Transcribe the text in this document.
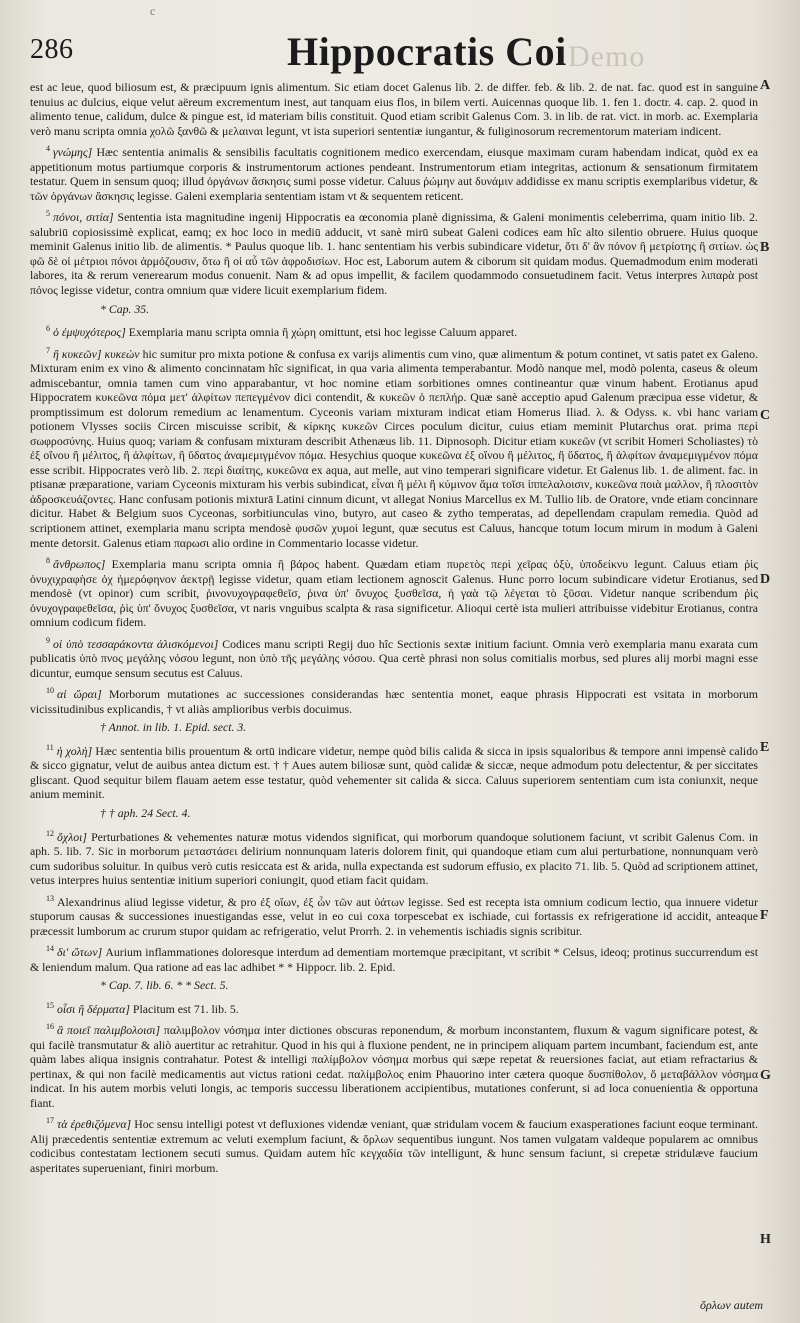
c
286	Hippocratis Coi Demo

est ac leue, quod biliosum est, & præcipuum ignis alimentum. Sic etiam docet Galenus lib. 2. de differ. feb. & lib. 2. de nat. fac. quod est in sanguine tenuius ac dulcius, eique velut aëreum excrementum inest, aut tanquam eius flos, in bilem verti. Auicennas quoque lib. 1. fen 1. doctr. 4. cap. 2. quod in alimento tenue, calidum, dulce & pingue est, id materiam bilis constituit. Quod etiam scribit Galenus Com. 3. in lib. de rat. vict. in morb. ac. Exemplaria verò manu scripta omnia χολῶ ξανθῶ & μελαιναι legunt, vt ista superiori sententiæ iungantur, & fuliginosorum recrementorum materiam indicent.

$^4$ γνώμης] Hæc sententia animalis & sensibilis facultatis cognitionem medico exercendam, eiusque maximam curam habendam indicat, quòd ex ea appetitionum motus partiumque corporis & instrumentorum actiones pendeant. Instrumentorum etiam integritas, actionum & sensationum firmitatem testatur. Quem in sensum quoq; illud ὀργάνων ἄσκησις sumi posse videtur. Caluus ῥώμην aut δυνάμιν addidisse ex manu scriptis exemplaribus videtur, & τῶν ὀργάνων ἄσκησις legisse. Galeni exemplaria sententiam istam vt & sequentem reticent.

$^5$ πόνοι, σιτία] Sententia ista magnitudine ingenij Hippocratis ea œconomia planè dignissima, & Galeni monimentis celeberrima, quam initio lib. 2. salubriū copiosissimè explicat, eamq; ex hoc loco in mediū adducit, vt sanè mirū subeat Galeni codices eam hîc alto silentio obruere. Huius quoque meminit Galenus initio lib. de alimentis. * Paulus quoque lib. 1. hanc sententiam his verbis subindicare videtur, ὅτι δ' ἂν πόνον ἢ μετρίοτης ἢ σιτίων. ὡς φῶ δὲ οἱ μέτριοι πόνοι ἁρμόζουσιν, ὅτω ἢ οἱ αὖ τῶν ἀφροδισίων. Hoc est, Laborum autem & ciborum sit quidam modus. Quemadmodum enim moderati labores, ita & rerum venerearum modus conuenit. Nam & ad opus impellit, & facilem quodammodo consuetudinem facit. Vetus interpres λιπαρὰ post πόνος legisse videtur, contra omnium quæ videre licuit exemplarium fidem.

* Cap. 35.

$^6$ ὁ ἐμψυχότερος] Exemplaria manu scripta omnia ἢ χώρη omittunt, etsi hoc legisse Caluum apparet.

$^7$ ἢ κυκεῶν] κυκεὼν hic sumitur pro mixta potione & confusa ex varijs alimentis cum vino, quæ alimentum & potum continet, vt satis patet ex Galeno. Mixturam enim ex vino & alimento concinnatam hîc significat, in qua varia alimenta temperabantur. Modò nanque mel, modò polenta, caseus & oleum admiscebantur, omnia tamen cum vino apparabantur, vt hoc nomine etiam sorbitiones omnes contineantur quæ vinum habent. Erotianus apud Hippocratem κυκεῶνα πόμα μετ' ἀλφίτων πεπεγμένον dici contendit, & κυκεῶν ὁ πεπλήρ. Quæ sanè acceptio apud Galenum præcipua esse videtur, & promptissimum est dolorum remedium ac lenamentum. Cyceonis variam mixturam indicat etiam Homerus Iliad. λ. & Odyss. κ. vbi hanc variam potionem Vlysses sociis Circen miscuisse scribit, & κίρκης κυκεῶν Circes poculum dicitur, cuius etiam meminit Plutarchus orat. prima περὶ σωφροσύνης. Huius quoq; variam & confusam mixturam describit Athenæus lib. 11. Dipnosoph. Dicitur etiam κυκεῶν (vt scribit Homeri Scholiastes) τὸ ἐξ οἴνου ἢ μέλιτος, ἢ ἀλφίτων, ἢ ὕδατος ἀναμεμιγμένον πόμα. Hesychius quoque κυκεῶνα ἐξ οἴνου ἢ μέλιτος, ἢ ὕδατος, ἢ ἀλφίτων ἀναμεμιγμένον πόμα esse scribit. Hippocrates verò lib. 2. περὶ διαίτης, κυκεῶνα ex aqua, aut melle, aut vino temperari significare videtur. Et Galenus lib. 1. de aliment. fac. in ptisanæ præparatione, variam Cyceonis mixturam his verbis subindicat, εἶναι ἢ μέλι ἢ κύμινον ἅμα τοῖσι ἱππελαλοισιν, κυκεῶνα ποιὰ μαλλον, ἢ πλοσιτὸν ἀδροσκευάζοντες. Hanc confusam potionis mixturā Latini cinnum dicunt, vt allegat Nonius Marcellus ex M. Tullio lib. de Oratore, vnde etiam concinnare dicitur. Habet & Belgium suos Cyceonas, sorbitiunculas vino, butyro, aut caseo & zytho temperatas, ad depellendam crapulam remedia. Quòd ad scriptionem attinet, exemplaria manu scripta mendosè φυσῶν χυμοὶ legunt, quæ secutus est Caluus, hancque totum locum mirum in modum à Galeni mente detorsit. Galenus etiam παρωσι alio ordine in Commentario locasse videtur.

$^8$ ἄνθρωπος] Exemplaria manu scripta omnia ἢ βάρος habent. Quædam etiam πυρετὸς περὶ χεῖρας ὀξὺ, ὑποδείκνυ legunt. Caluus etiam ῥὶς ὀνυχιχραφὴσε ὁχ ἡμερόφηνον ἀεκτρῇ legisse videtur, quam etiam lectionem agnoscit Galenus. Hunc porro locum subindicare videtur Erotianus, sed mendosè (vt opinor) cum scribit, ῥινονυχογραφεθεῖσ, ῥινα ὑπ' ὄνυχος ξυσθεῖσα, ἡ γαὰ τῷ λέγεται τὸ ξῦσαι. Videtur nanque scribendum ῥὶς ὀνυχογραφεθεῖσα, ῥὶς ὑπ' ὄνυχος ξυσθεῖσα, vt naris vnguibus scalpta & rasa significetur. Alioqui certè ista mulieri attribuisse videbitur Erotianus, contra omnium codicum fidem.

$^9$ οἱ ὑπὸ τεσσαράκοντα ἀλισκόμενοι] Codices manu scripti Regij duo hîc Sectionis sextæ initium faciunt. Omnia verò exemplaria manu exarata cum publicatis ὑπὸ πνος μεγάλης νόσου legunt, non ὑπὸ τῆς μεγάλης νόσου. Qua certè phrasi non solus comitialis morbus, sed plures alij morbi magni esse dicuntur, eumque sensum secutus est Caluus.

$^{10}$ αἱ ὥραι] Morborum mutationes ac successiones considerandas hæc sententia monet, eaque phrasis Hippocrati est vsitata in morborum vicissitudinibus explicandis, † vt aliàs amplioribus verbis docuimus.

† Annot. in lib. 1. Epid. sect. 3.

$^{11}$ ἡ χολὴ] Hæc sententia bilis prouentum & ortū indicare videtur, nempe quòd bilis calida & sicca in ipsis squaloribus & tempore anni impensè calido & sicco gignatur, velut de auibus antea dictum est. † † Aues autem biliosæ sunt, quòd calidæ & siccæ, neque admodum potu delectentur, & per siccitates gliscant. Quod sequitur bilem flauam aetem esse testatur, quòd vehementer sit calida & sicca. Caluus superiorem sententiam cum ista coniunxit, neque anium meminit.

† † aph. 24 Sect. 4.

$^{12}$ ὄχλοι] Perturbationes & vehementes naturæ motus videndos significat, qui morborum quandoque solutionem faciunt, vt scribit Galenus Com. in aph. 5. lib. 7. Sic in morborum μεταστάσει delirium nonnunquam lateris dolorem finit, qui quandoque etiam cum alui perturbatione, nonnunquam verò cum sudoribus soluitur. In quibus verò cutis resiccata est & arida, nulla expectanda est sudorum effusio, ex placito 71. lib. 5. Quòd ad scriptionem attinet, vetus interpres huius sententiæ initium superiori coniungit, quod etiam facit quidam.

$^{13}$ Alexandrinus aliud legisse videtur, & pro ἐξ οἴων, ἐξ ὧν τῶν aut ὑάτων legisse. Sed est recepta ista omnium codicum lectio, qua innuere videtur stuporum causas & successiones inuestigandas esse, velut in eo cui coxa torpescebat ex ischiade, cui fortassis ex refrigeratione id accidit, anteaque præcessit lumborum ac crurum stupor quidam ac refrigeratio, velut Prorrh. 2. in vehementis ischiadis signis scribitur.

$^{14}$ δι' ὤτων] Aurium inflammationes doloresque interdum ad dementiam mortemque præcipitant, vt scribit * Celsus, ideoq; protinus succurrendum est & leniendum malum. Qua ratione ad eas lac adhibet * * Hippocr. lib. 2. Epid.

* Cap. 7. lib. 6. * * Sect. 5.

$^{15}$ οἷσι ἢ δέρματα] Placitum est 71. lib. 5.

$^{16}$ ἃ ποιεῖ παλιμβολοισι] παλιμβολον νόσημα inter dictiones obscuras reponendum, & morbum inconstantem, fluxum & vagum significare potest, & qui facilè transmutatur & aliò auertitur ac retrahitur. Quod in his qui à fluxione pendent, ne in principem aliquam partem incumbant, faciendum est, ante quàm labes aliqua insignis contrahatur. Potest & intelligi παλίμβολον νόσημα morbus qui sæpe repetat & reuersiones faciat, aut etiam refractarius & pertinax, & qui non facilè medicamentis aut victus rationi cedat. παλίμβολος enim Phauorino inter cætera quoque δυσπίθολον, ὅ μεταβάλλον νόσημα indicat. In his autem morbis veluti longis, ac temporis successu liberationem accipientibus, mutationes conferunt, si ad loca conuenientia & opportuna fiant.

$^{17}$ τὰ ἐρεθιζόμενα] Hoc sensu intelligi potest vt defluxiones videndæ veniant, quæ stridulam vocem & faucium exasperationes faciunt eoque terminant. Alij præcedentis sententiæ extremum ac veluti exemplum faciunt, & ὄρλων sequentibus iungunt. Nos tamen vulgatam valdeque popularem ac omnibus codicibus contestatam lectionem secuti sumus. Quidam autem hîc κεγχαδία τῶν intelligunt, & hunc sensum faciunt, si crepetæ stridulæve faucium asperitates superueniant, finiri morbum.

A
B
C
D
E
F
G
H
ὄρλων autem
